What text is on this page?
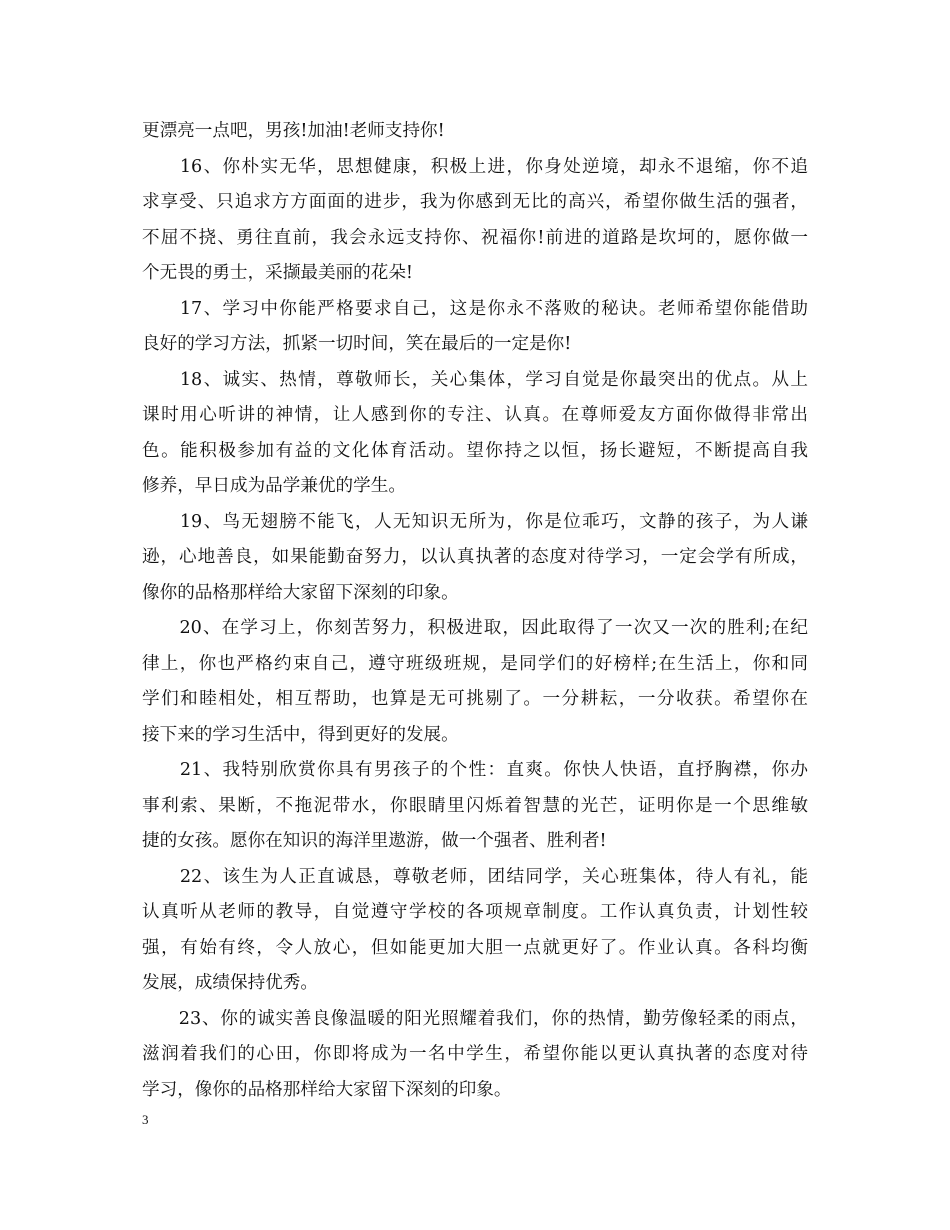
更漂亮一点吧，男孩!加油!老师支持你!
　　16、你朴实无华，思想健康，积极上进，你身处逆境，却永不退缩，你不追
求享受、只追求方方面面的进步，我为你感到无比的高兴，希望你做生活的强者，
不屈不挠、勇往直前，我会永远支持你、祝福你!前进的道路是坎坷的，愿你做一
个无畏的勇士，采撷最美丽的花朵!
　　17、学习中你能严格要求自己，这是你永不落败的秘诀。老师希望你能借助
良好的学习方法，抓紧一切时间，笑在最后的一定是你!
　　18、诚实、热情，尊敬师长，关心集体，学习自觉是你最突出的优点。从上
课时用心听讲的神情，让人感到你的专注、认真。在尊师爱友方面你做得非常出
色。能积极参加有益的文化体育活动。望你持之以恒，扬长避短，不断提高自我
修养，早日成为品学兼优的学生。
　　19、鸟无翅膀不能飞，人无知识无所为，你是位乖巧，文静的孩子，为人谦
逊，心地善良，如果能勤奋努力，以认真执著的态度对待学习，一定会学有所成，
像你的品格那样给大家留下深刻的印象。
　　20、在学习上，你刻苦努力，积极进取，因此取得了一次又一次的胜利;在纪
律上，你也严格约束自己，遵守班级班规，是同学们的好榜样;在生活上，你和同
学们和睦相处，相互帮助，也算是无可挑剔了。一分耕耘，一分收获。希望你在
接下来的学习生活中，得到更好的发展。
　　21、我特别欣赏你具有男孩子的个性：直爽。你快人快语，直抒胸襟，你办
事利索、果断，不拖泥带水，你眼睛里闪烁着智慧的光芒，证明你是一个思维敏
捷的女孩。愿你在知识的海洋里遨游，做一个强者、胜利者!
　　22、该生为人正直诚恳，尊敬老师，团结同学，关心班集体，待人有礼，能
认真听从老师的教导，自觉遵守学校的各项规章制度。工作认真负责，计划性较
强，有始有终，令人放心，但如能更加大胆一点就更好了。作业认真。各科均衡
发展，成绩保持优秀。
　　23、你的诚实善良像温暖的阳光照耀着我们，你的热情，勤劳像轻柔的雨点，
滋润着我们的心田，你即将成为一名中学生，希望你能以更认真执著的态度对待
学习，像你的品格那样给大家留下深刻的印象。
3
